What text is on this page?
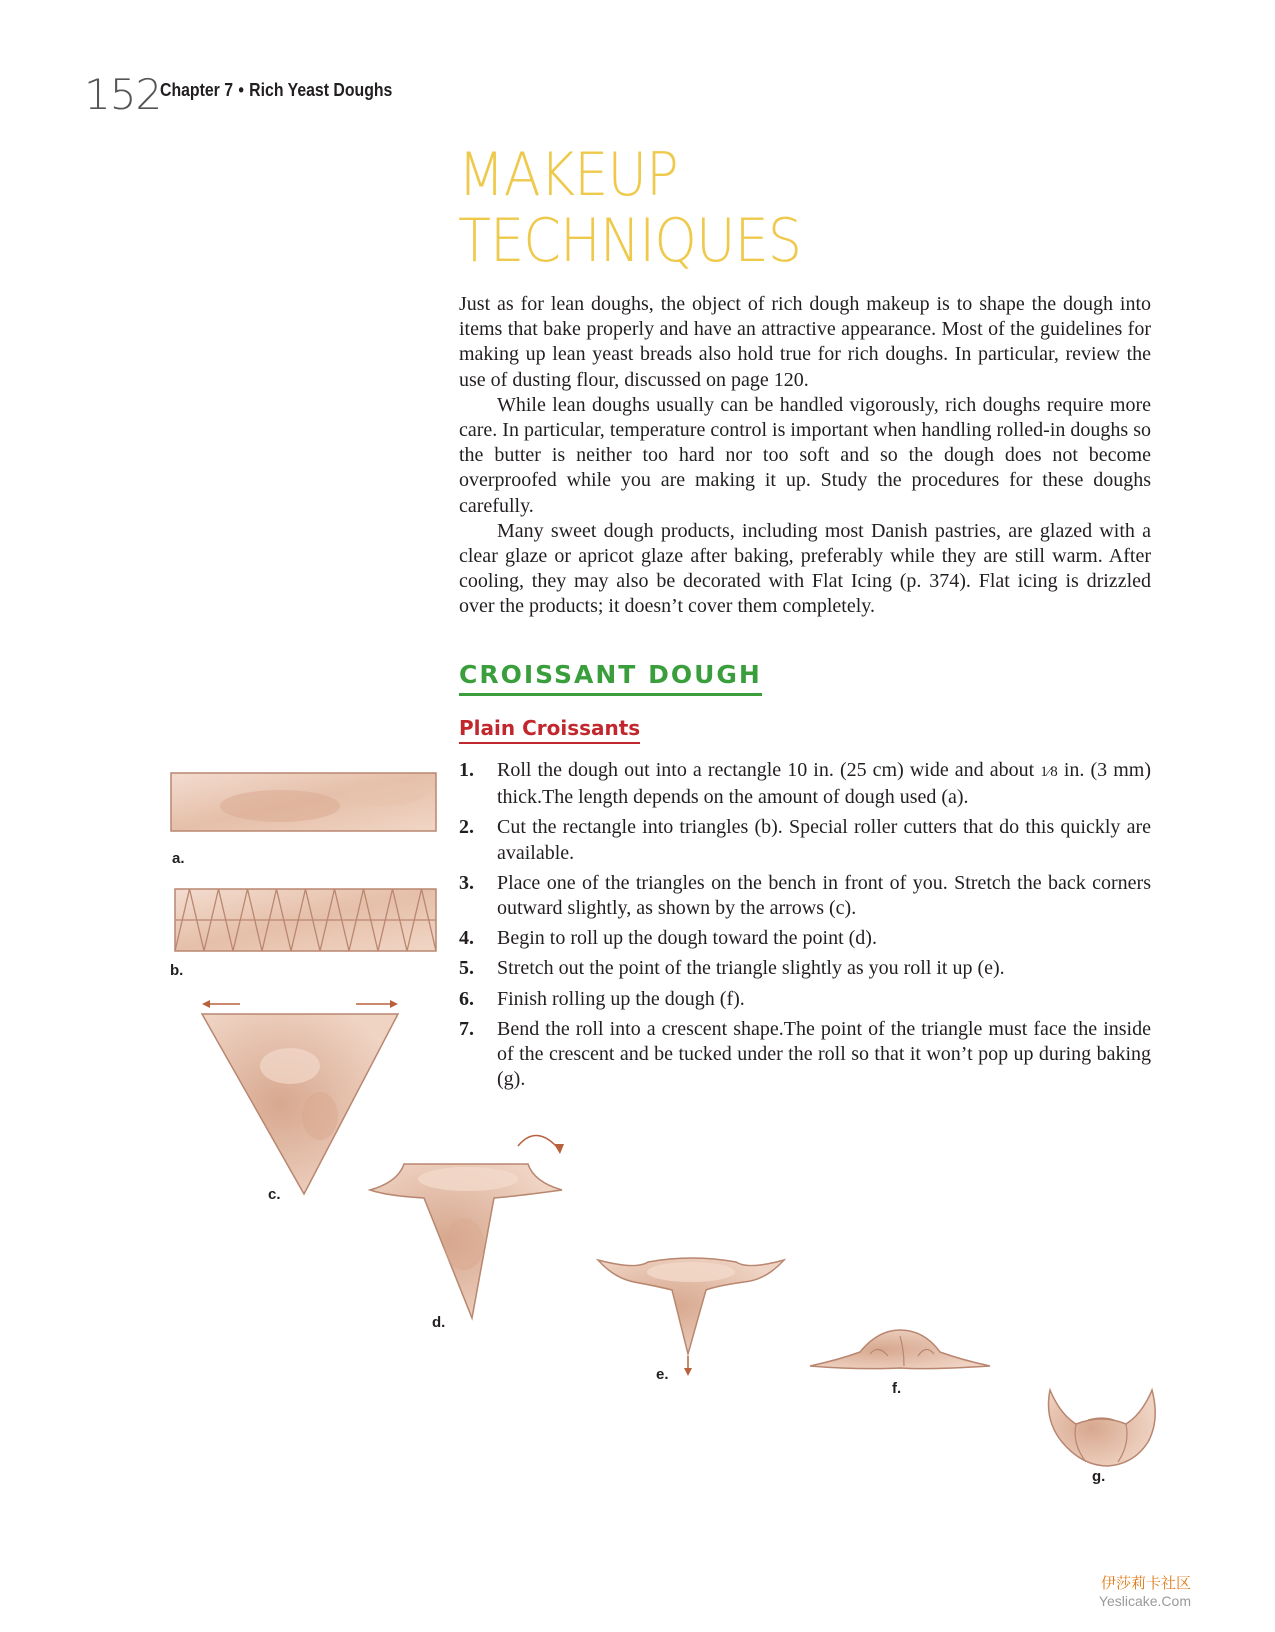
152
Chapter 7 • Rich Yeast Doughs
MAKEUP
TECHNIQUES

Just as for lean doughs, the object of rich dough makeup is to shape the dough into items that bake properly and have an attractive appearance. Most of the guidelines for making up lean yeast breads also hold true for rich doughs. In particular, review the use of dusting flour, discussed on page 120.

While lean doughs usually can be handled vigorously, rich doughs require more care. In particular, temperature control is important when handling rolled-in doughs so the butter is neither too hard nor too soft and so the dough does not become overproofed while you are making it up. Study the procedures for these doughs carefully.

Many sweet dough products, including most Danish pastries, are glazed with a clear glaze or apricot glaze after baking, preferably while they are still warm. After cooling, they may also be decorated with Flat Icing (p. 374). Flat icing is drizzled over the products; it doesn’t cover them completely.

CROISSANT DOUGH
Plain Croissants
1. Roll the dough out into a rectangle 10 in. (25 cm) wide and about 1⁄8 in. (3 mm) thick.The length depends on the amount of dough used (a).
2. Cut the rectangle into triangles (b). Special roller cutters that do this quickly are available.
3. Place one of the triangles on the bench in front of you. Stretch the back corners outward slightly, as shown by the arrows (c).
4. Begin to roll up the dough toward the point (d).
5. Stretch out the point of the triangle slightly as you roll it up (e).
6. Finish rolling up the dough (f).
7. Bend the roll into a crescent shape.The point of the triangle must face the inside of the crescent and be tucked under the roll so that it won’t pop up during baking (g).
a.
b.
c.
d.
e.
f.
g.
伊莎莉卡社区
Yeslicake.Com
